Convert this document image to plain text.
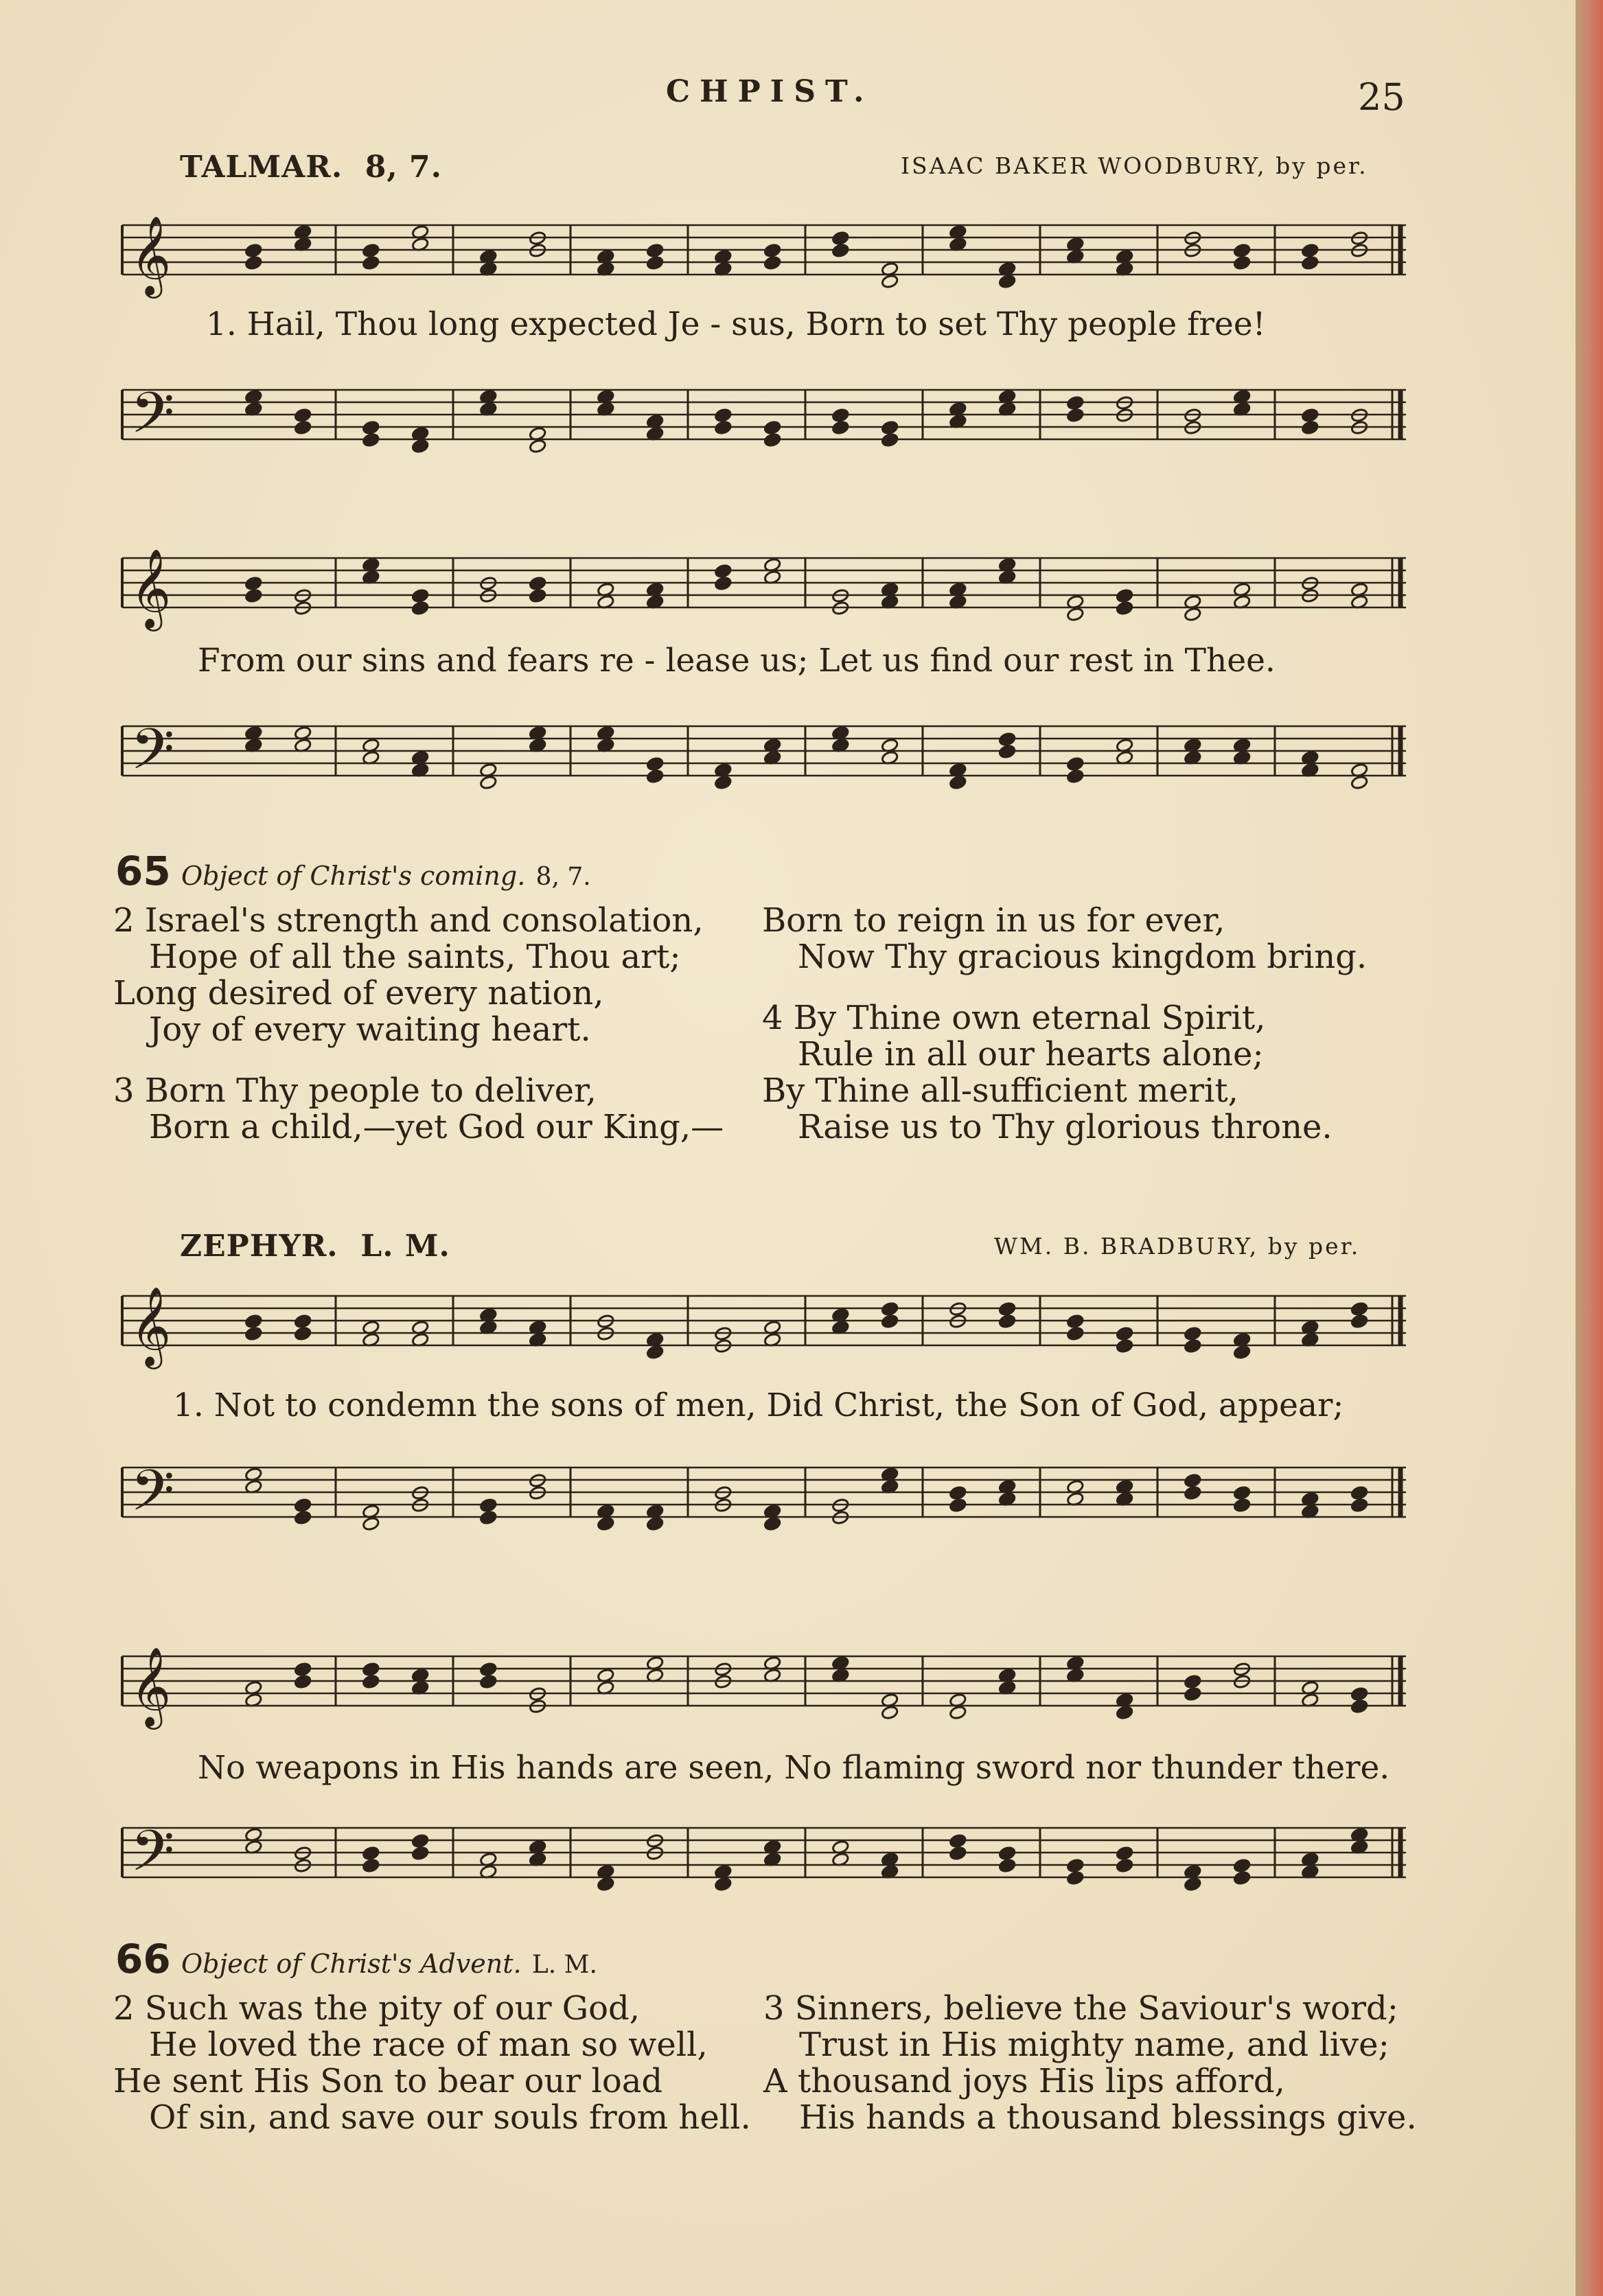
CHPIST.	25
TALMAR. 8, 7.	ISAAC BAKER WOODBURY, by per.
𝄞
1. Hail, Thou long expected Je - sus, Born to set Thy people free!
𝄢
𝄞
From our sins and fears re - lease us; Let us find our rest in Thee.
𝄢
65 Object of Christ's coming. 8, 7.
2 Israel's strength and consolation,
Hope of all the saints, Thou art;
Long desired of every nation,
Joy of every waiting heart.
3 Born Thy people to deliver,
Born a child,—yet God our King,—
Born to reign in us for ever,
Now Thy gracious kingdom bring.
4 By Thine own eternal Spirit,
Rule in all our hearts alone;
By Thine all-sufficient merit,
Raise us to Thy glorious throne.
ZEPHYR. L. M.	WM. B. BRADBURY, by per.
𝄞
1. Not to condemn the sons of men, Did Christ, the Son of God, appear;
𝄢
𝄞
No weapons in His hands are seen, No flaming sword nor thunder there.
𝄢
66 Object of Christ's Advent. L. M.
2 Such was the pity of our God,
He loved the race of man so well,
He sent His Son to bear our load
Of sin, and save our souls from hell.
3 Sinners, believe the Saviour's word;
Trust in His mighty name, and live;
A thousand joys His lips afford,
His hands a thousand blessings give.
